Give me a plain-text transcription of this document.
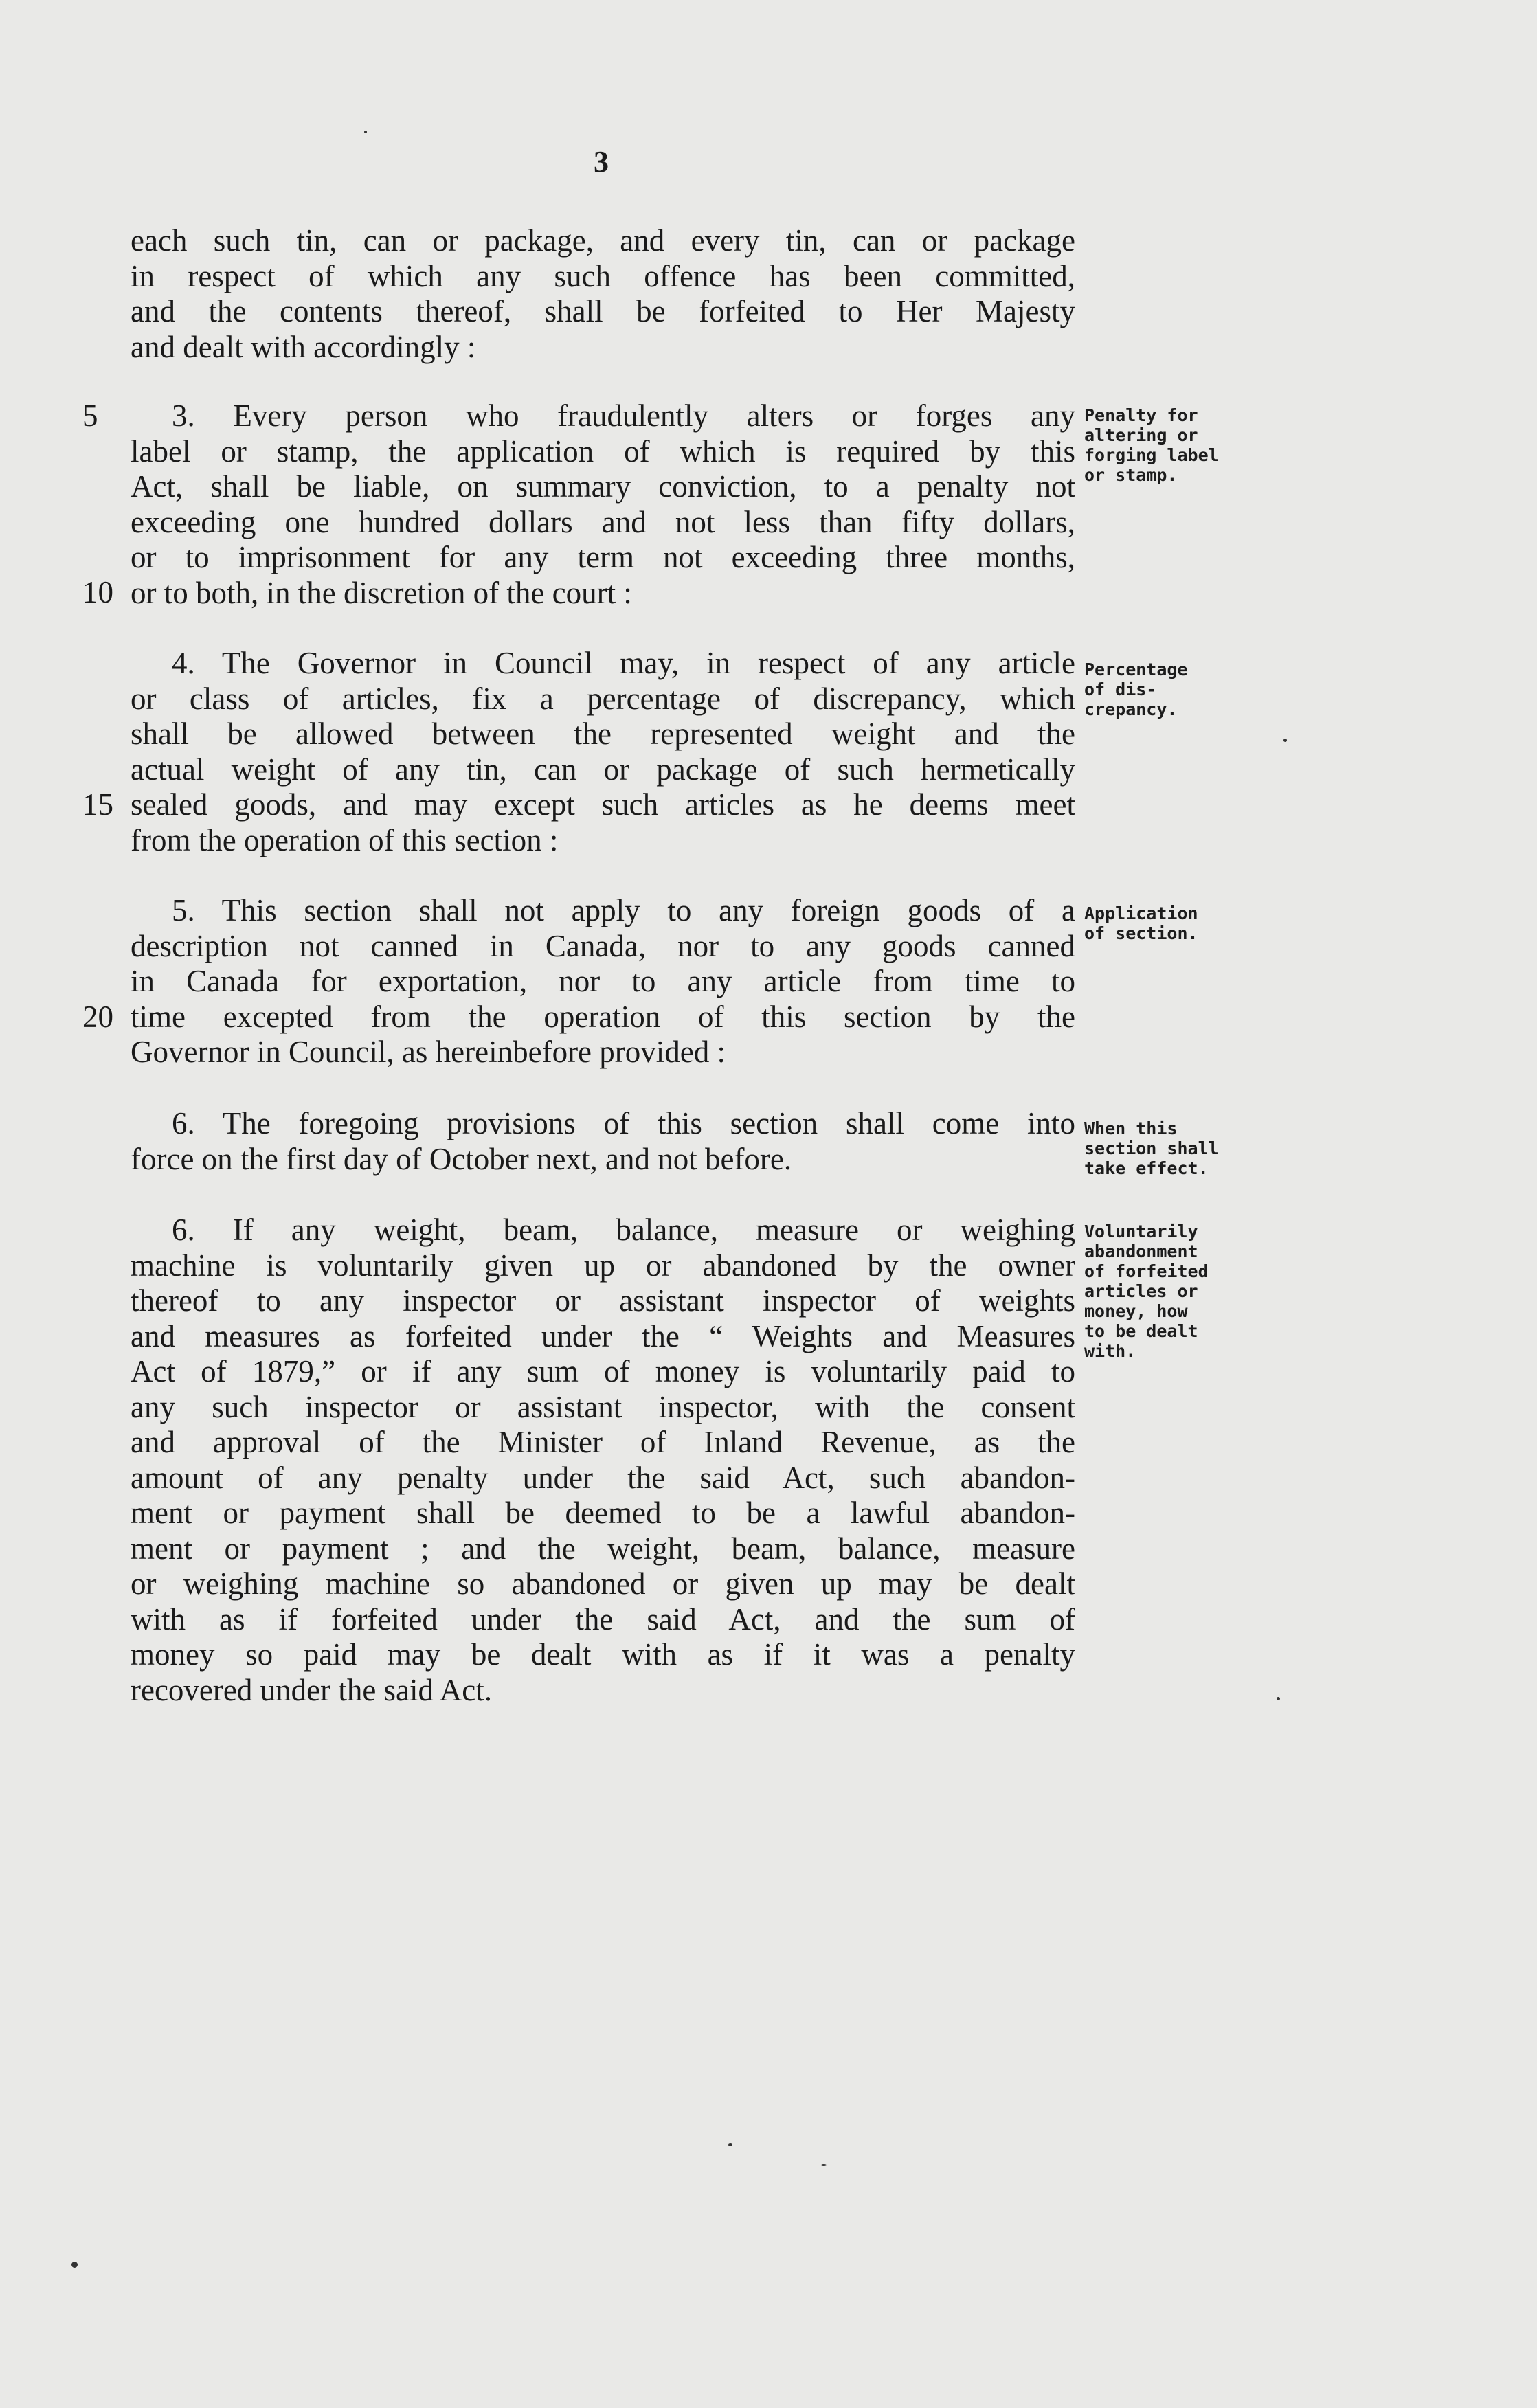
3
each such tin, can or package, and every tin, can or package
in respect of which any such offence has been committed,
and the contents thereof, shall be forfeited to Her Majesty
and dealt with accordingly :
3. Every person who fraudulently alters or forges any
label or stamp, the application of which is required by this
Act, shall be liable, on summary conviction, to a penalty not
exceeding one hundred dollars and not less than fifty dollars,
or to imprisonment for any term not exceeding three months,
or to both, in the discretion of the court :
4. The Governor in Council may, in respect of any article
or class of articles, fix a percentage of discrepancy, which
shall be allowed between the represented weight and the
actual weight of any tin, can or package of such hermetically
sealed goods, and may except such articles as he deems meet
from the operation of this section :
5. This section shall not apply to any foreign goods of a
description not canned in Canada, nor to any goods canned
in Canada for exportation, nor to any article from time to
time excepted from the operation of this section by the
Governor in Council, as hereinbefore provided :
6. The foregoing provisions of this section shall come into
force on the first day of October next, and not before.
6. If any weight, beam, balance, measure or weighing
machine is voluntarily given up or abandoned by the owner
thereof to any inspector or assistant inspector of weights
and measures as forfeited under the “ Weights and Measures
Act of 1879,” or if any sum of money is voluntarily paid to
any such inspector or assistant inspector, with the consent
and approval of the Minister of Inland Revenue, as the
amount of any penalty under the said Act, such abandon-
ment or payment shall be deemed to be a lawful abandon-
ment or payment ; and the weight, beam, balance, measure
or weighing machine so abandoned or given up may be dealt
with as if forfeited under the said Act, and the sum of
money so paid may be dealt with as if it was a penalty
recovered under the said Act.
5
10
15
20
Penalty for
altering or
forging label
or stamp.
Percentage
of dis-
crepancy.
Application
of section.
When this
section shall
take effect.
Voluntarily
abandonment
of forfeited
articles or
money, how
to be dealt
with.
